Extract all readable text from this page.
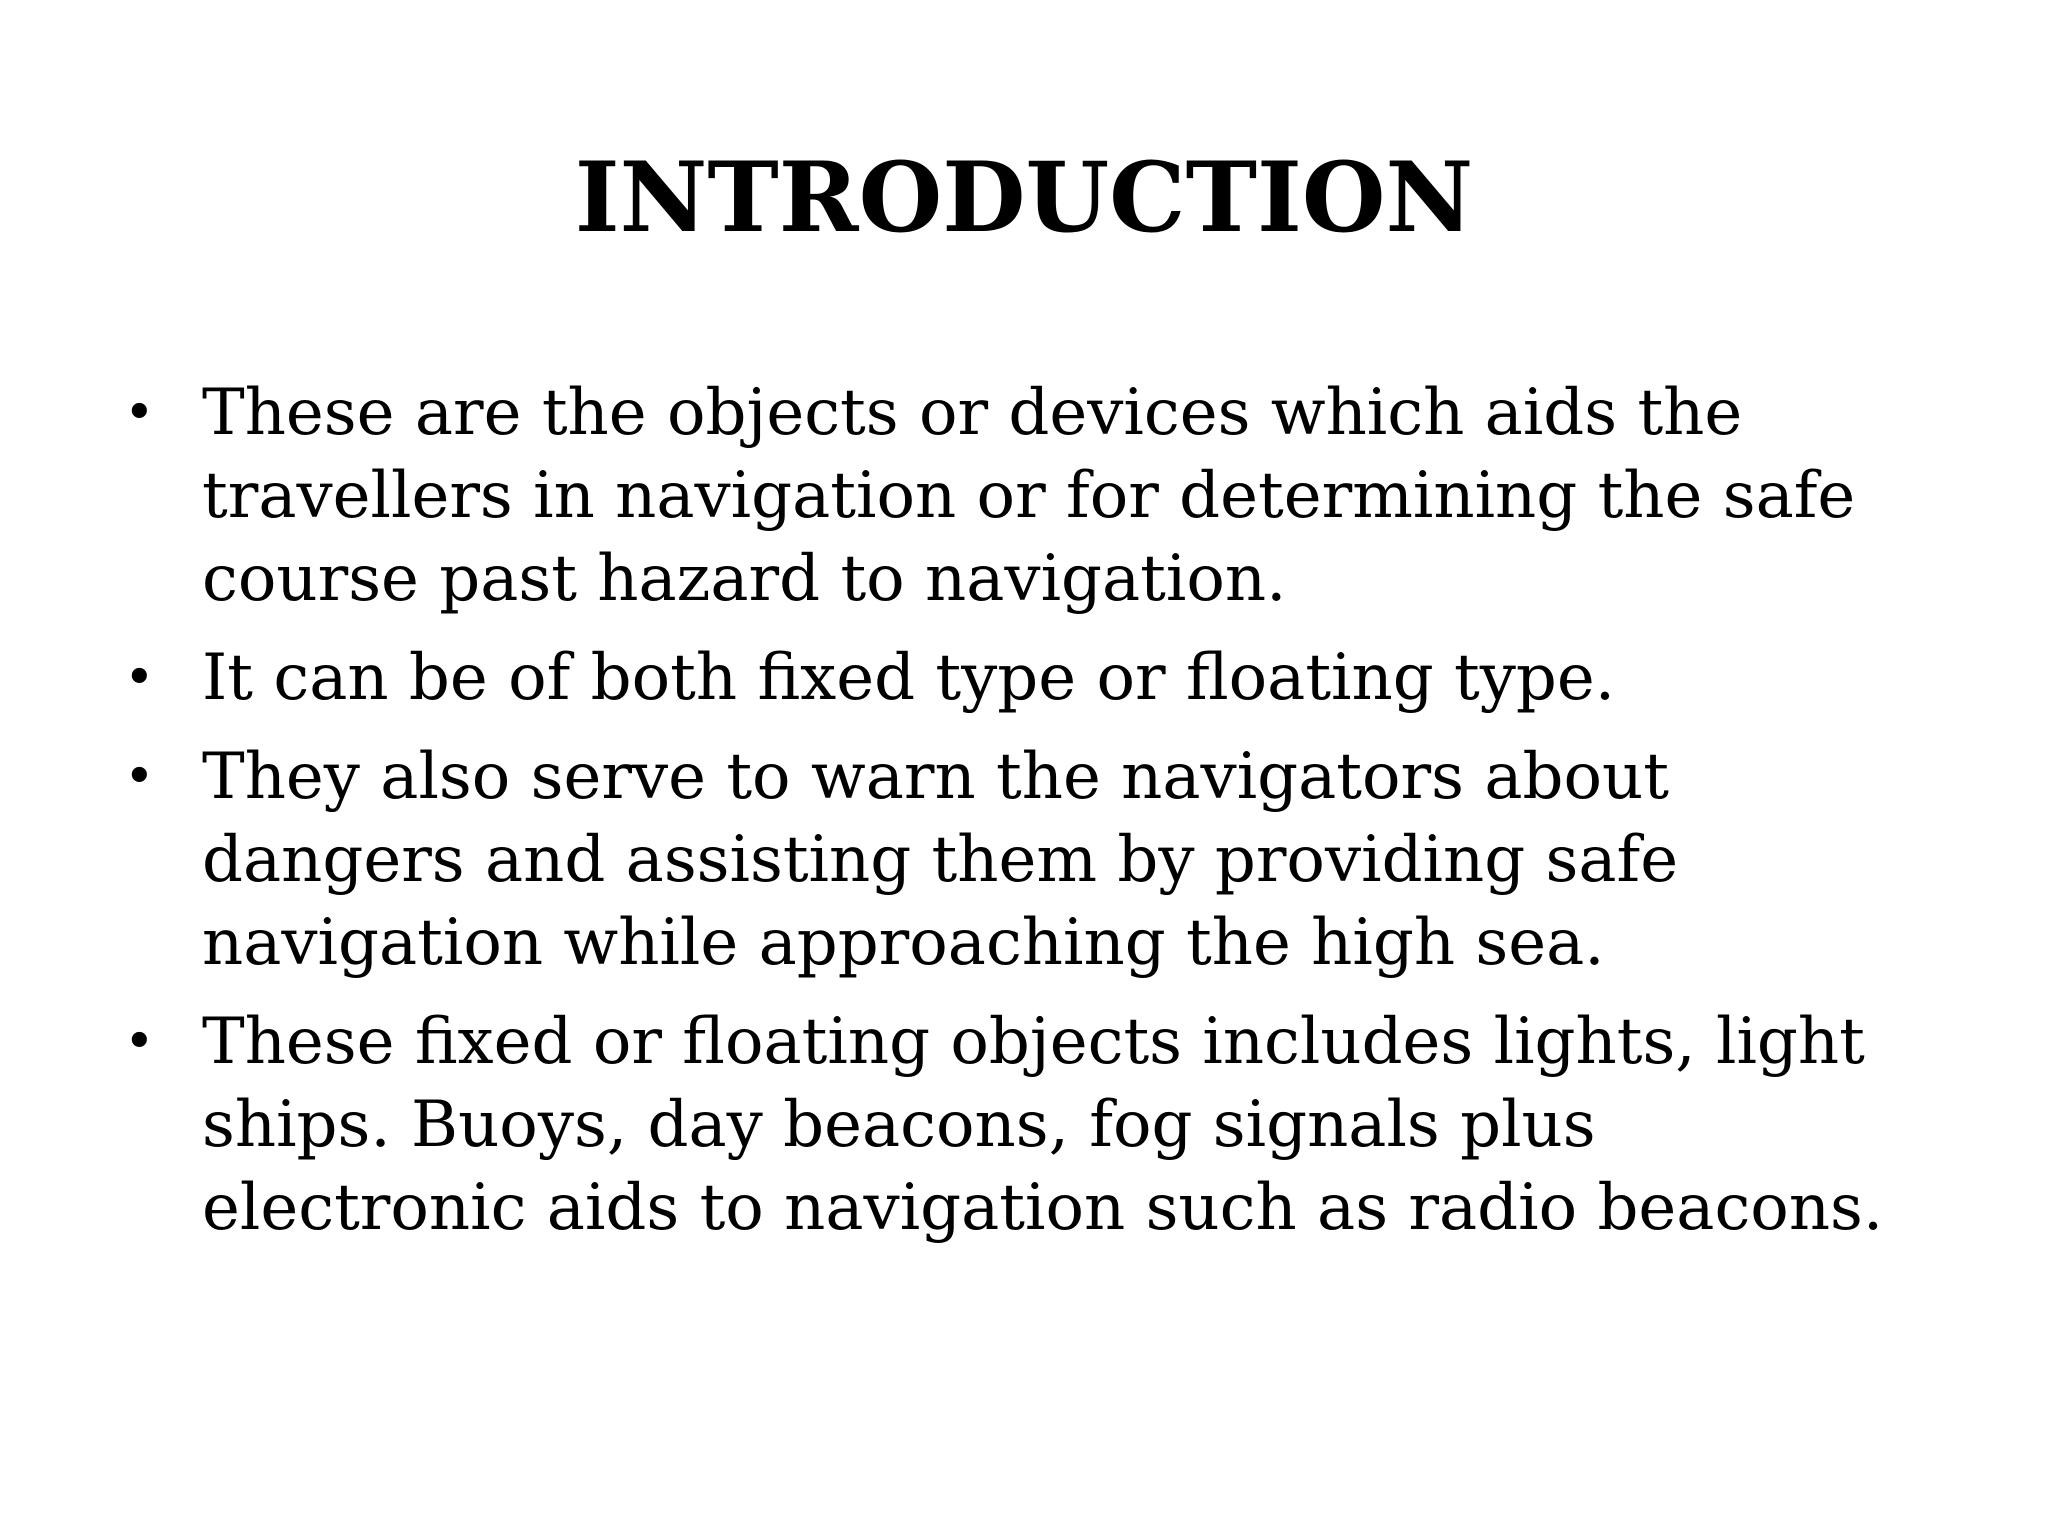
INTRODUCTION
• These are the objects or devices which aids the travellers in navigation or for determining the safe course past hazard to navigation.
• It can be of both fixed type or floating type.
• They also serve to warn the navigators about dangers and assisting them by providing safe navigation while approaching the high sea.
• These fixed or floating objects includes lights, light ships. Buoys, day beacons, fog signals plus electronic aids to navigation such as radio beacons.
